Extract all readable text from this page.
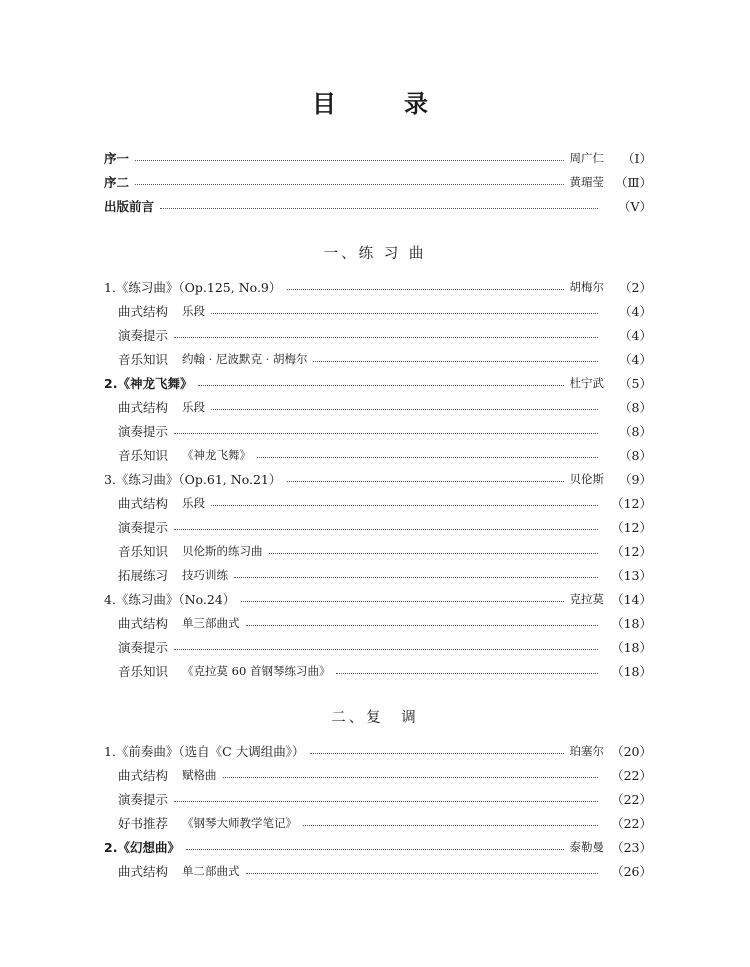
目　录
序一	周广仁	（Ⅰ）
序二	黄瑂莹 （Ⅲ）
出版前言	（Ⅴ）
一、练 习 曲
1.《练习曲》（Op.125, No.9）	胡梅尔	（2）
曲式结构 乐段	（4）
演奏提示	（4）
音乐知识 约翰 · 尼波默克 · 胡梅尔	（4）
2.《神龙飞舞》	杜宁武	（5）
曲式结构 乐段	（8）
演奏提示	（8）
音乐知识 《神龙飞舞》	（8）
3.《练习曲》（Op.61, No.21）	贝伦斯	（9）
曲式结构 乐段	（12）
演奏提示	（12）
音乐知识 贝伦斯的练习曲	（12）
拓展练习 技巧训练	（13）
4.《练习曲》（No.24）	克拉莫 （14）
曲式结构 单三部曲式	（18）
演奏提示	（18）
音乐知识 《克拉莫 60 首钢琴练习曲》	（18）
二、复　调
1.《前奏曲》（选自《C 大调组曲》）	珀塞尔 （20）
曲式结构 赋格曲	（22）
演奏提示	（22）
好书推荐 《钢琴大师教学笔记》	（22）
2.《幻想曲》	泰勒曼 （23）
曲式结构 单二部曲式	（26）
